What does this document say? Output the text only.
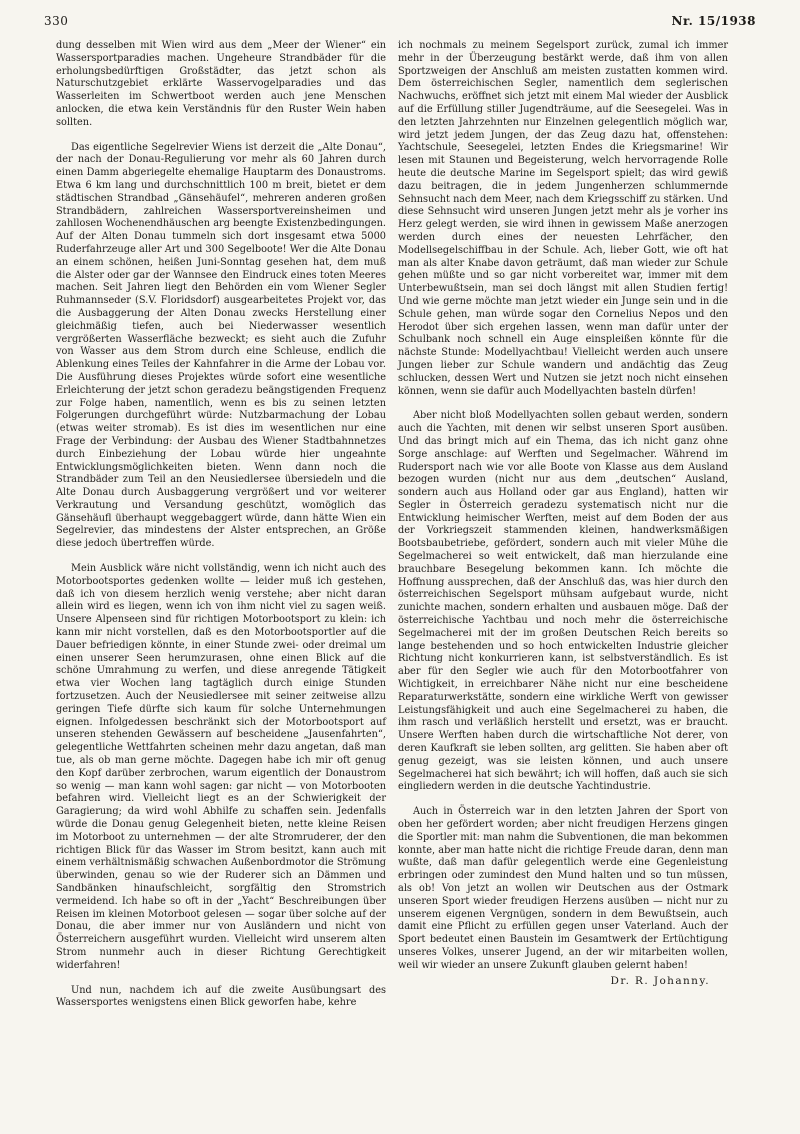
330	Nr. 15/1938

dung desselben mit Wien wird aus dem „Meer der Wiener“ ein Wassersportparadies machen. Ungeheure Strandbäder für die erholungsbedürftigen Großstädter, das jetzt schon als Naturschutzgebiet erklärte Wasservogelparadies und das Wasserleiten im Schwertboot werden auch jene Menschen anlocken, die etwa kein Verständnis für den Ruster Wein haben sollten.

Das eigentliche Segelrevier Wiens ist derzeit die „Alte Donau“, der nach der Donau-Regulierung vor mehr als 60 Jahren durch einen Damm abgeriegelte ehemalige Hauptarm des Donaustroms. Etwa 6 km lang und durchschnittlich 100 m breit, bietet er dem städtischen Strandbad „Gänsehäufel“, mehreren anderen großen Strandbädern, zahlreichen Wassersportvereinsheimen und zahllosen Wochenendhäuschen arg beengte Existenzbedingungen. Auf der Alten Donau tummeln sich dort insgesamt etwa 5000 Ruderfahrzeuge aller Art und 300 Segelboote! Wer die Alte Donau an einem schönen, heißen Juni-Sonntag gesehen hat, dem muß die Alster oder gar der Wannsee den Eindruck eines toten Meeres machen. Seit Jahren liegt den Behörden ein vom Wiener Segler Ruhmannseder (S.V. Floridsdorf) ausgearbeitetes Projekt vor, das die Ausbaggerung der Alten Donau zwecks Herstellung einer gleichmäßig tiefen, auch bei Niederwasser wesentlich vergrößerten Wasserfläche bezweckt; es sieht auch die Zufuhr von Wasser aus dem Strom durch eine Schleuse, endlich die Ablenkung eines Teiles der Kahnfahrer in die Arme der Lobau vor. Die Ausführung dieses Projektes würde sofort eine wesentliche Erleichterung der jetzt schon geradezu beängstigenden Frequenz zur Folge haben, namentlich, wenn es bis zu seinen letzten Folgerungen durchgeführt würde: Nutzbarmachung der Lobau (etwas weiter stromab). Es ist dies im wesentlichen nur eine Frage der Verbindung: der Ausbau des Wiener Stadtbahnnetzes durch Einbeziehung der Lobau würde hier ungeahnte Entwicklungsmöglichkeiten bieten. Wenn dann noch die Strandbäder zum Teil an den Neusiedlersee übersiedeln und die Alte Donau durch Ausbaggerung vergrößert und vor weiterer Verkrautung und Versandung geschützt, womöglich das Gänsehäufl überhaupt weggebaggert würde, dann hätte Wien ein Segelrevier, das mindestens der Alster entsprechen, an Größe diese jedoch übertreffen würde.

Mein Ausblick wäre nicht vollständig, wenn ich nicht auch des Motorbootsportes gedenken wollte — leider muß ich gestehen, daß ich von diesem herzlich wenig verstehe; aber nicht daran allein wird es liegen, wenn ich von ihm nicht viel zu sagen weiß. Unsere Alpenseen sind für richtigen Motorbootsport zu klein: ich kann mir nicht vorstellen, daß es den Motorbootsportler auf die Dauer befriedigen könnte, in einer Stunde zwei- oder dreimal um einen unserer Seen herumzurasen, ohne einen Blick auf die schöne Umrahmung zu werfen, und diese anregende Tätigkeit etwa vier Wochen lang tagtäglich durch einige Stunden fortzusetzen. Auch der Neusiedlersee mit seiner zeitweise allzu geringen Tiefe dürfte sich kaum für solche Unternehmungen eignen. Infolgedessen beschränkt sich der Motorbootsport auf unseren stehenden Gewässern auf bescheidene „Jausenfahrten“, gelegentliche Wettfahrten scheinen mehr dazu angetan, daß man tue, als ob man gerne möchte. Dagegen habe ich mir oft genug den Kopf darüber zerbrochen, warum eigentlich der Donaustrom so wenig — man kann wohl sagen: gar nicht — von Motorbooten befahren wird. Vielleicht liegt es an der Schwierigkeit der Garagierung; da wird wohl Abhilfe zu schaffen sein. Jedenfalls würde die Donau genug Gelegenheit bieten, nette kleine Reisen im Motorboot zu unternehmen — der alte Stromruderer, der den richtigen Blick für das Wasser im Strom besitzt, kann auch mit einem verhältnismäßig schwachen Außenbordmotor die Strömung überwinden, genau so wie der Ruderer sich an Dämmen und Sandbänken hinaufschleicht, sorgfältig den Stromstrich vermeidend. Ich habe so oft in der „Yacht“ Beschreibungen über Reisen im kleinen Motorboot gelesen — sogar über solche auf der Donau, die aber immer nur von Ausländern und nicht von Österreichern ausgeführt wurden. Vielleicht wird unserem alten Strom nunmehr auch in dieser Richtung Gerechtigkeit widerfahren!

Und nun, nachdem ich auf die zweite Ausübungsart des Wassersportes wenigstens einen Blick geworfen habe, kehre

ich nochmals zu meinem Segelsport zurück, zumal ich immer mehr in der Überzeugung bestärkt werde, daß ihm von allen Sportzweigen der Anschluß am meisten zustatten kommen wird. Dem österreichischen Segler, namentlich dem seglerischen Nachwuchs, eröffnet sich jetzt mit einem Mal wieder der Ausblick auf die Erfüllung stiller Jugendträume, auf die Seesegelei. Was in den letzten Jahrzehnten nur Einzelnen gelegentlich möglich war, wird jetzt jedem Jungen, der das Zeug dazu hat, offenstehen: Yachtschule, Seesegelei, letzten Endes die Kriegsmarine! Wir lesen mit Staunen und Begeisterung, welch hervorragende Rolle heute die deutsche Marine im Segelsport spielt; das wird gewiß dazu beitragen, die in jedem Jungenherzen schlummernde Sehnsucht nach dem Meer, nach dem Kriegsschiff zu stärken. Und diese Sehnsucht wird unseren Jungen jetzt mehr als je vorher ins Herz gelegt werden, sie wird ihnen in gewissem Maße anerzogen werden durch eines der neuesten Lehrfächer, den Modellsegelschiffbau in der Schule. Ach, lieber Gott, wie oft hat man als alter Knabe davon geträumt, daß man wieder zur Schule gehen müßte und so gar nicht vorbereitet war, immer mit dem Unterbewußtsein, man sei doch längst mit allen Studien fertig! Und wie gerne möchte man jetzt wieder ein Junge sein und in die Schule gehen, man würde sogar den Cornelius Nepos und den Herodot über sich ergehen lassen, wenn man dafür unter der Schulbank noch schnell ein Auge einspleißen könnte für die nächste Stunde: Modellyachtbau! Vielleicht werden auch unsere Jungen lieber zur Schule wandern und andächtig das Zeug schlucken, dessen Wert und Nutzen sie jetzt noch nicht einsehen können, wenn sie dafür auch Modellyachten basteln dürfen!

Aber nicht bloß Modellyachten sollen gebaut werden, sondern auch die Yachten, mit denen wir selbst unseren Sport ausüben. Und das bringt mich auf ein Thema, das ich nicht ganz ohne Sorge anschlage: auf Werften und Segelmacher. Während im Rudersport nach wie vor alle Boote von Klasse aus dem Ausland bezogen wurden (nicht nur aus dem „deutschen“ Ausland, sondern auch aus Holland oder gar aus England), hatten wir Segler in Österreich geradezu systematisch nicht nur die Entwicklung heimischer Werften, meist auf dem Boden der aus der Vorkriegszeit stammenden kleinen, handwerksmäßigen Bootsbaubetriebe, gefördert, sondern auch mit vieler Mühe die Segelmacherei so weit entwickelt, daß man hierzulande eine brauchbare Besegelung bekommen kann. Ich möchte die Hoffnung aussprechen, daß der Anschluß das, was hier durch den österreichischen Segelsport mühsam aufgebaut wurde, nicht zunichte machen, sondern erhalten und ausbauen möge. Daß der österreichische Yachtbau und noch mehr die österreichische Segelmacherei mit der im großen Deutschen Reich bereits so lange bestehenden und so hoch entwickelten Industrie gleicher Richtung nicht konkurrieren kann, ist selbstverständlich. Es ist aber für den Segler wie auch für den Motorbootfahrer von Wichtigkeit, in erreichbarer Nähe nicht nur eine bescheidene Reparaturwerkstätte, sondern eine wirkliche Werft von gewisser Leistungsfähigkeit und auch eine Segelmacherei zu haben, die ihm rasch und verläßlich herstellt und ersetzt, was er braucht. Unsere Werften haben durch die wirtschaftliche Not derer, von deren Kaufkraft sie leben sollten, arg gelitten. Sie haben aber oft genug gezeigt, was sie leisten können, und auch unsere Segelmacherei hat sich bewährt; ich will hoffen, daß auch sie sich eingliedern werden in die deutsche Yachtindustrie.

Auch in Österreich war in den letzten Jahren der Sport von oben her gefördert worden; aber nicht freudigen Herzens gingen die Sportler mit: man nahm die Subventionen, die man bekommen konnte, aber man hatte nicht die richtige Freude daran, denn man wußte, daß man dafür gelegentlich werde eine Gegenleistung erbringen oder zumindest den Mund halten und so tun müssen, als ob! Von jetzt an wollen wir Deutschen aus der Ostmark unseren Sport wieder freudigen Herzens ausüben — nicht nur zu unserem eigenen Vergnügen, sondern in dem Bewußtsein, auch damit eine Pflicht zu erfüllen gegen unser Vaterland. Auch der Sport bedeutet einen Baustein im Gesamtwerk der Ertüchtigung unseres Volkes, unserer Jugend, an der wir mitarbeiten wollen, weil wir wieder an unsere Zukunft glauben gelernt haben!

Dr. R. Johanny.
